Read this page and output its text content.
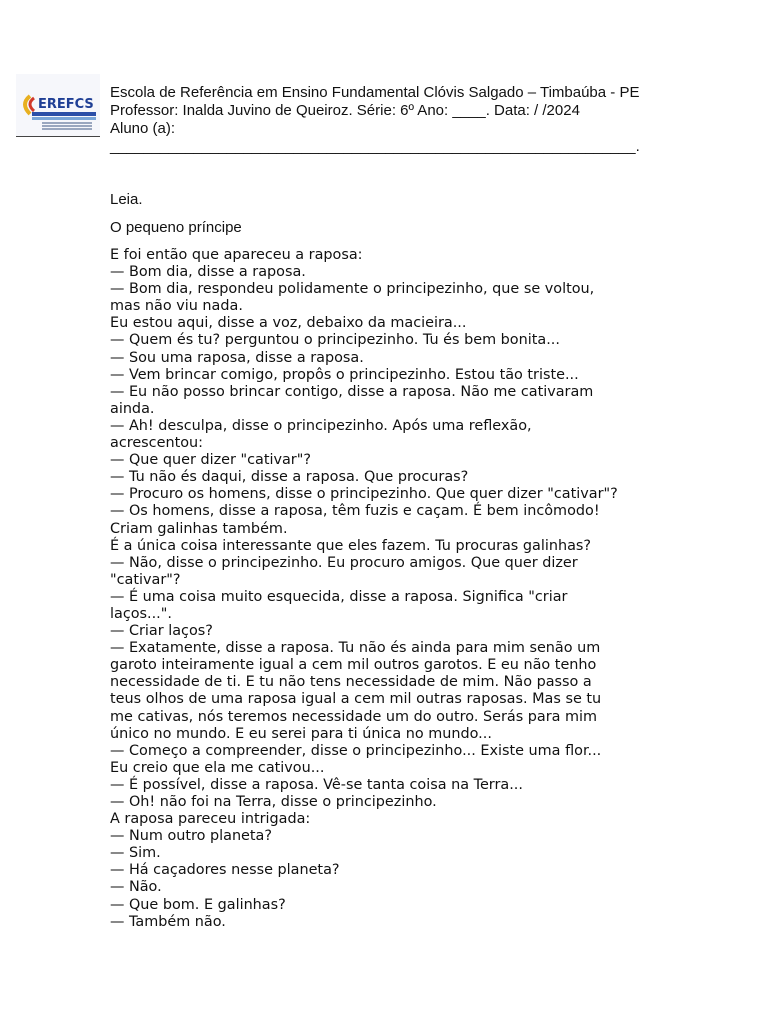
EREFCS
Escola de Referência em Ensino Fundamental Clóvis Salgado – Timbaúba - PE
Professor: Inalda Juvino de Queiroz. Série: 6º Ano: ____. Data: / /2024
Aluno (a):
_______________________________________________________________.
Leia.
O pequeno príncipe
E foi então que apareceu a raposa:
— Bom dia, disse a raposa.
— Bom dia, respondeu polidamente o principezinho, que se voltou,
mas não viu nada.
Eu estou aqui, disse a voz, debaixo da macieira...
— Quem és tu? perguntou o principezinho. Tu és bem bonita...
— Sou uma raposa, disse a raposa.
— Vem brincar comigo, propôs o principezinho. Estou tão triste...
— Eu não posso brincar contigo, disse a raposa. Não me cativaram
ainda.
— Ah! desculpa, disse o principezinho. Após uma reflexão,
acrescentou:
— Que quer dizer "cativar"?
— Tu não és daqui, disse a raposa. Que procuras?
— Procuro os homens, disse o principezinho. Que quer dizer "cativar"?
— Os homens, disse a raposa, têm fuzis e caçam. É bem incômodo!
Criam galinhas também.
É a única coisa interessante que eles fazem. Tu procuras galinhas?
— Não, disse o principezinho. Eu procuro amigos. Que quer dizer
"cativar"?
— É uma coisa muito esquecida, disse a raposa. Significa "criar
laços...".
— Criar laços?
— Exatamente, disse a raposa. Tu não és ainda para mim senão um
garoto inteiramente igual a cem mil outros garotos. E eu não tenho
necessidade de ti. E tu não tens necessidade de mim. Não passo a
teus olhos de uma raposa igual a cem mil outras raposas. Mas se tu
me cativas, nós teremos necessidade um do outro. Serás para mim
único no mundo. E eu serei para ti única no mundo...
— Começo a compreender, disse o principezinho... Existe uma flor...
Eu creio que ela me cativou...
— É possível, disse a raposa. Vê-se tanta coisa na Terra...
— Oh! não foi na Terra, disse o principezinho.
A raposa pareceu intrigada:
— Num outro planeta?
— Sim.
— Há caçadores nesse planeta?
— Não.
— Que bom. E galinhas?
— Também não.
